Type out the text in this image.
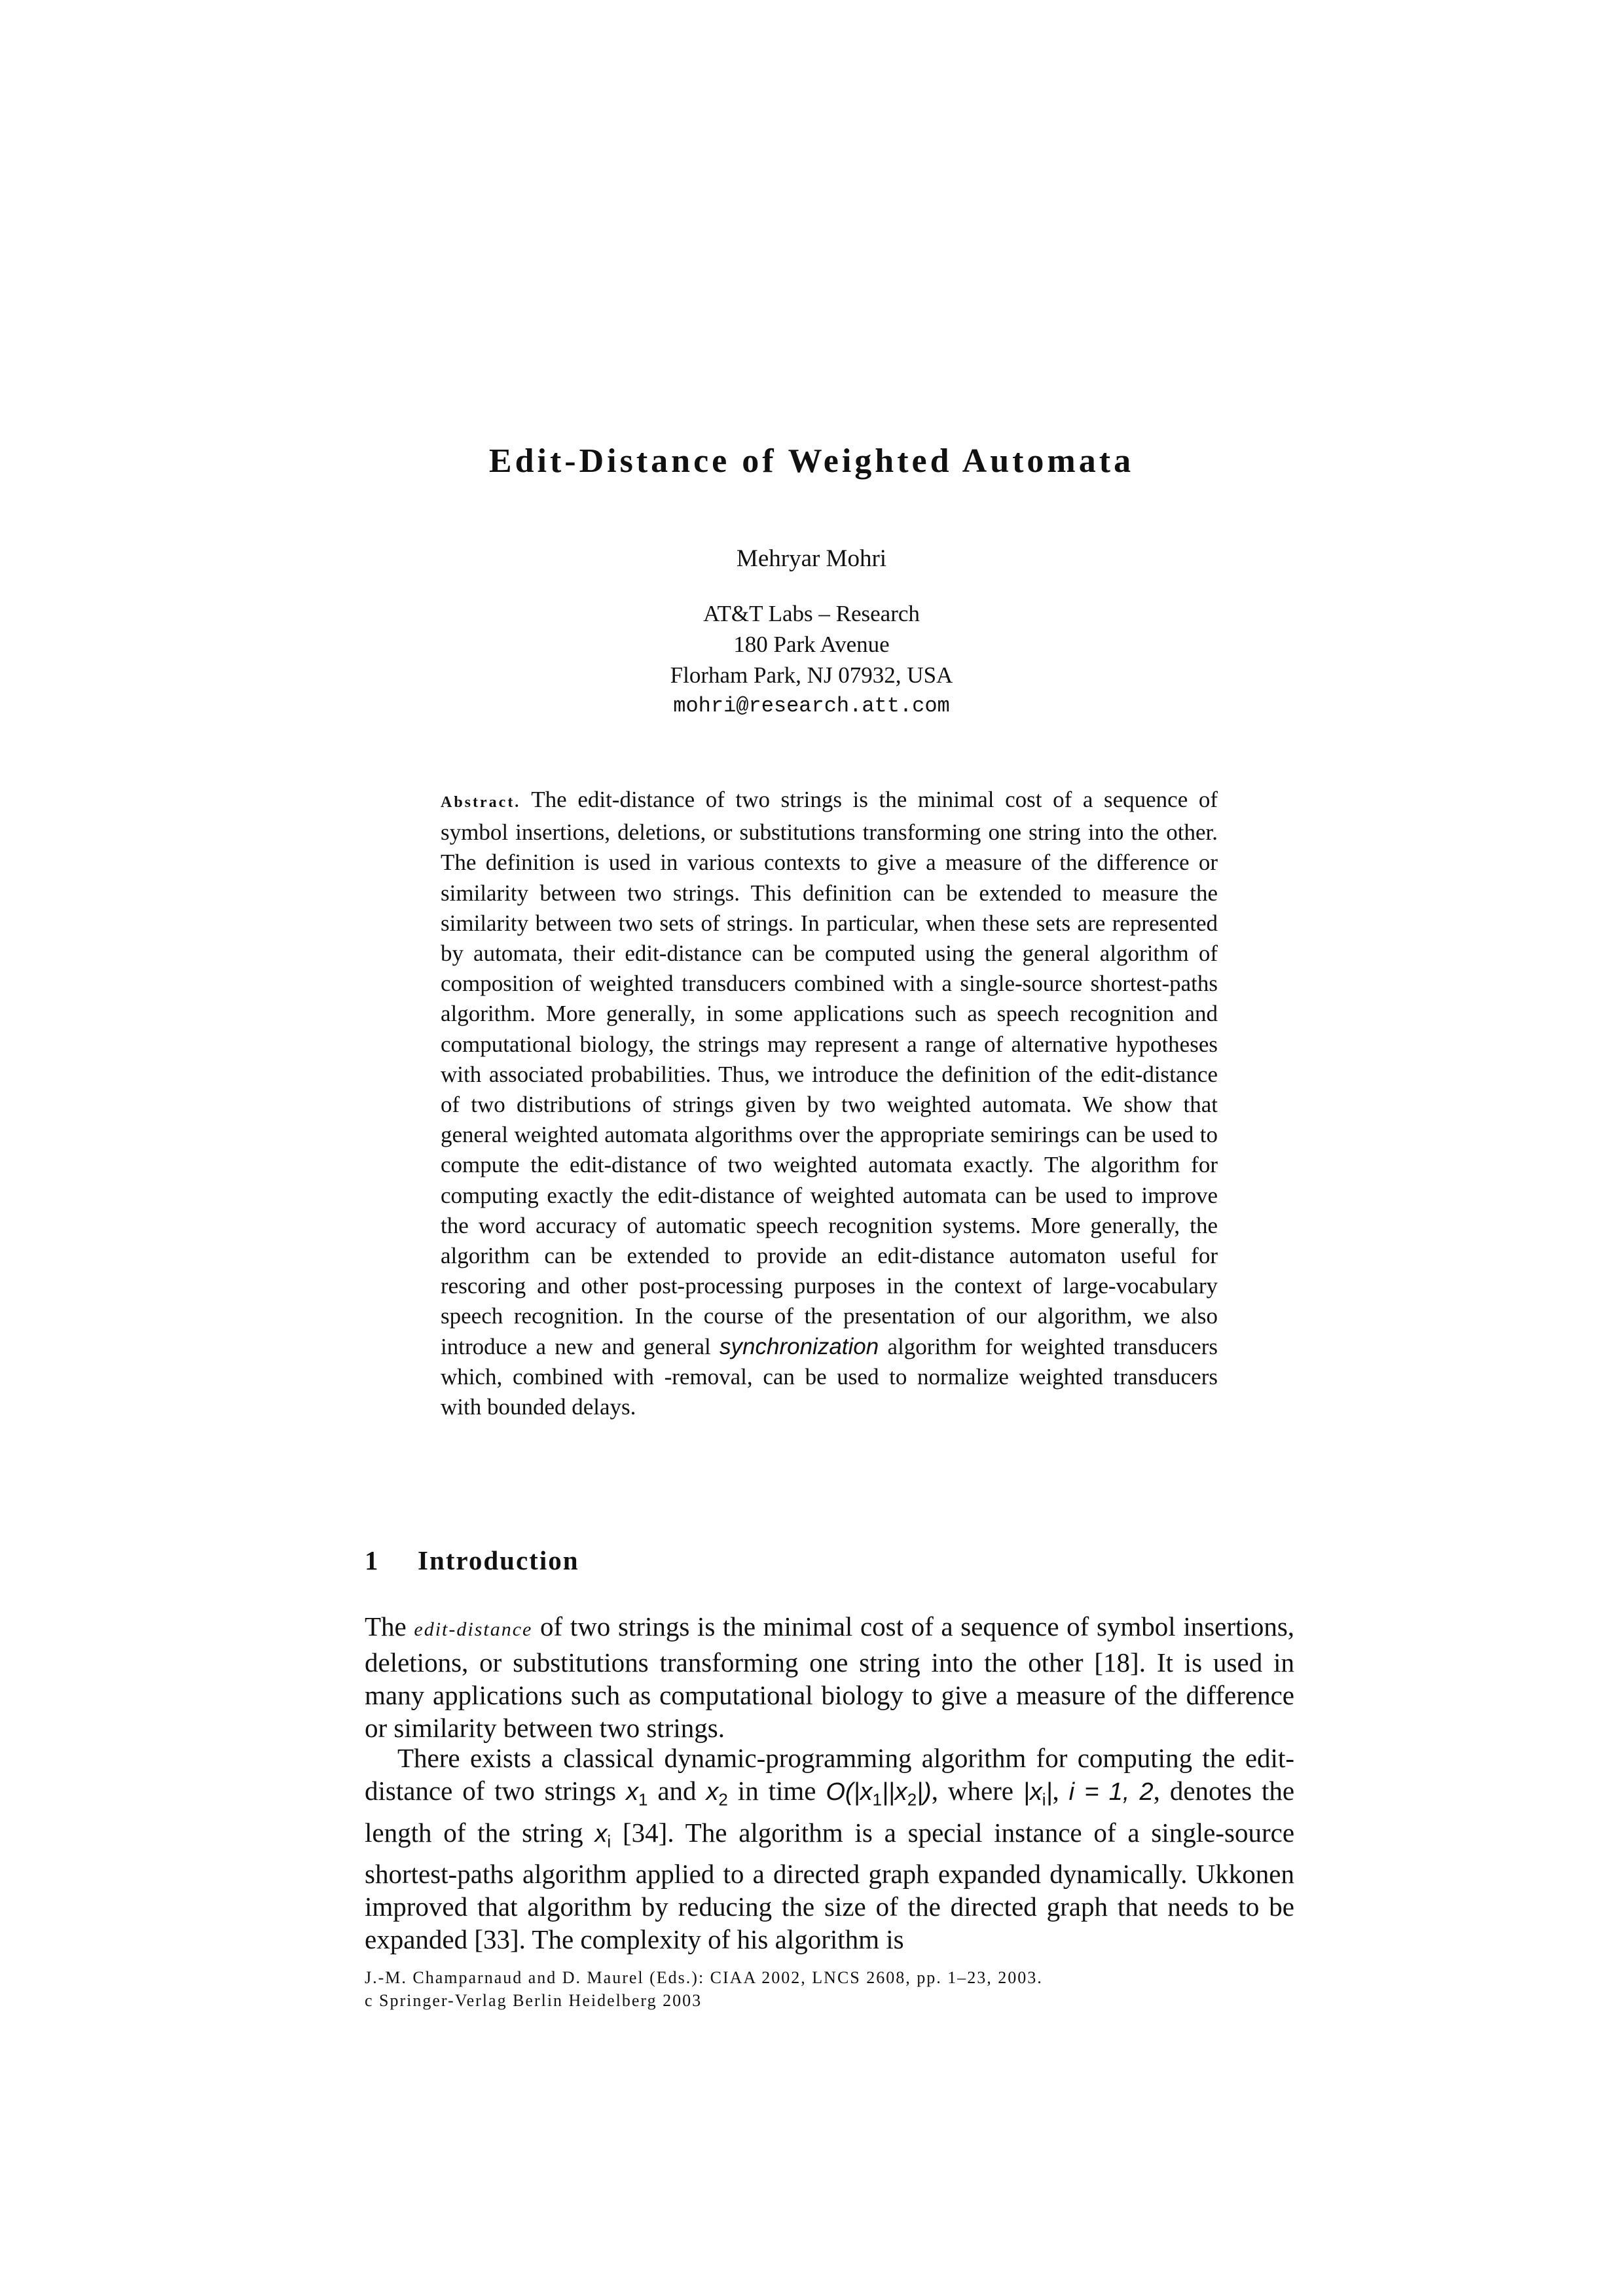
Edit-Distance of Weighted Automata
Mehryar Mohri
AT&T Labs – Research
180 Park Avenue
Florham Park, NJ 07932, USA
mohri@research.att.com
Abstract. The edit-distance of two strings is the minimal cost of a sequence of symbol insertions, deletions, or substitutions transforming one string into the other. The definition is used in various contexts to give a measure of the difference or similarity between two strings. This definition can be extended to measure the similarity between two sets of strings. In particular, when these sets are represented by automata, their edit-distance can be computed using the general algorithm of composition of weighted transducers combined with a single-source shortest-paths algorithm. More generally, in some applications such as speech recognition and computational biology, the strings may represent a range of alternative hypotheses with associated probabilities. Thus, we introduce the definition of the edit-distance of two distributions of strings given by two weighted automata. We show that general weighted automata algorithms over the appropriate semirings can be used to compute the edit-distance of two weighted automata exactly. The algorithm for computing exactly the edit-distance of weighted automata can be used to improve the word accuracy of automatic speech recognition systems. More generally, the algorithm can be extended to provide an edit-distance automaton useful for rescoring and other post-processing purposes in the context of large-vocabulary speech recognition. In the course of the presentation of our algorithm, we also introduce a new and general synchronization algorithm for weighted transducers which, combined with -removal, can be used to normalize weighted transducers with bounded delays.
1 Introduction
The edit-distance of two strings is the minimal cost of a sequence of symbol insertions, deletions, or substitutions transforming one string into the other [18]. It is used in many applications such as computational biology to give a measure of the difference or similarity between two strings.
There exists a classical dynamic-programming algorithm for computing the edit-distance of two strings $x_1$ and $x_2$ in time $O(|x_1||x_2|)$, where $|x_i|$, i = 1, 2, denotes the length of the string $x_i$ [34]. The algorithm is a special instance of a single-source shortest-paths algorithm applied to a directed graph expanded dynamically. Ukkonen improved that algorithm by reducing the size of the directed graph that needs to be expanded [33]. The complexity of his algorithm is
J.-M. Champarnaud and D. Maurel (Eds.): CIAA 2002, LNCS 2608, pp. 1–23, 2003.
c Springer-Verlag Berlin Heidelberg 2003
